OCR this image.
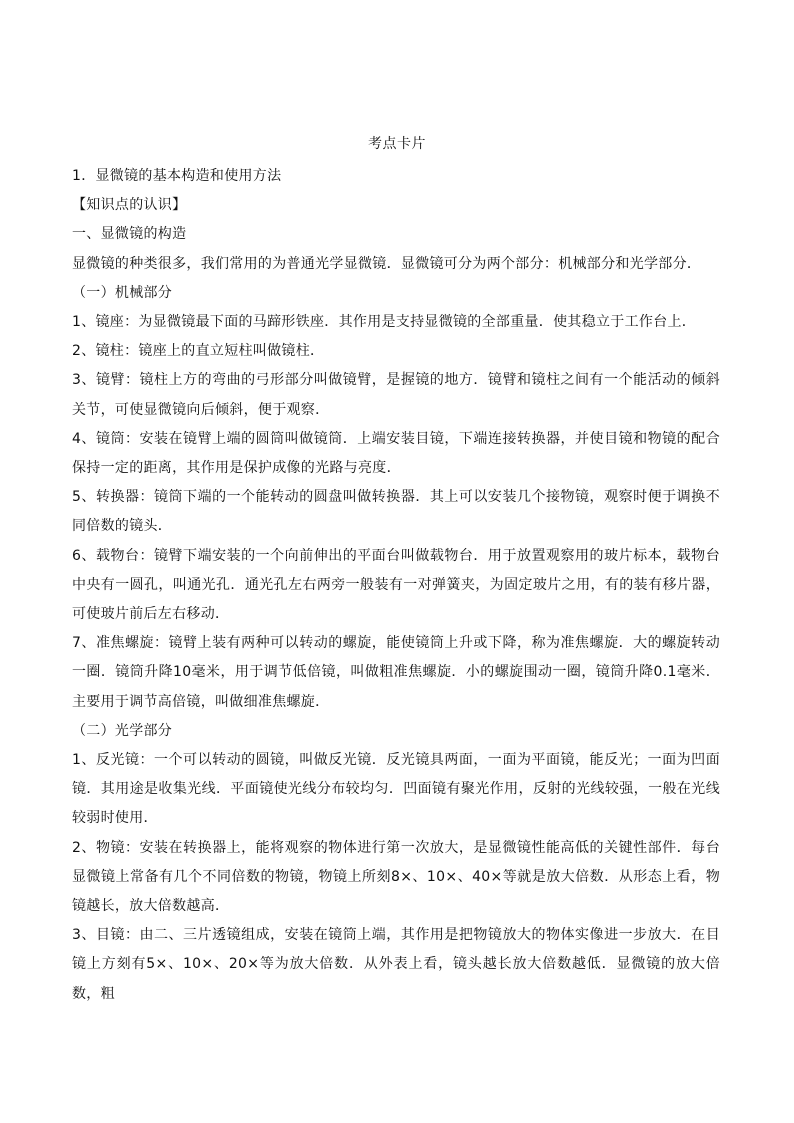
考点卡片

1．显微镜的基本构造和使用方法

【知识点的认识】

一、显微镜的构造

显微镜的种类很多，我们常用的为普通光学显微镜．显微镜可分为两个部分：机械部分和光学部分．

（一）机械部分

1、镜座：为显微镜最下面的马蹄形铁座．其作用是支持显微镜的全部重量．使其稳立于工作台上．

2、镜柱：镜座上的直立短柱叫做镜柱．

3、镜臂：镜柱上方的弯曲的弓形部分叫做镜臂，是握镜的地方．镜臂和镜柱之间有一个能活动的倾斜关节，可使显微镜向后倾斜，便于观察．

4、镜筒：安装在镜臂上端的圆筒叫做镜筒．上端安装目镜，下端连接转换器，并使目镜和物镜的配合保持一定的距离，其作用是保护成像的光路与亮度．

5、转换器：镜筒下端的一个能转动的圆盘叫做转换器．其上可以安装几个接物镜，观察时便于调换不同倍数的镜头．

6、载物台：镜臂下端安装的一个向前伸出的平面台叫做载物台．用于放置观察用的玻片标本，载物台中央有一圆孔，叫通光孔．通光孔左右两旁一般装有一对弹簧夹，为固定玻片之用，有的装有移片器，可使玻片前后左右移动．

7、准焦螺旋：镜臂上装有两种可以转动的螺旋，能使镜筒上升或下降，称为准焦螺旋．大的螺旋转动一圈．镜筒升降10毫米，用于调节低倍镜，叫做粗准焦螺旋．小的螺旋围动一圈，镜筒升降0.1毫米．主要用于调节高倍镜，叫做细准焦螺旋．

（二）光学部分

1、反光镜：一个可以转动的圆镜，叫做反光镜．反光镜具两面，一面为平面镜，能反光；一面为凹面镜．其用途是收集光线．平面镜使光线分布较均匀．凹面镜有聚光作用，反射的光线较强，一般在光线较弱时使用．

2、物镜：安装在转换器上，能将观察的物体进行第一次放大，是显微镜性能高低的关键性部件．每台显微镜上常备有几个不同倍数的物镜，物镜上所刻8×、10×、40×等就是放大倍数．从形态上看，物镜越长，放大倍数越高．

3、目镜：由二、三片透镜组成，安装在镜筒上端，其作用是把物镜放大的物体实像进一步放大．在目镜上方刻有5×、10×、20×等为放大倍数．从外表上看，镜头越长放大倍数越低．显微镜的放大倍数，粗
